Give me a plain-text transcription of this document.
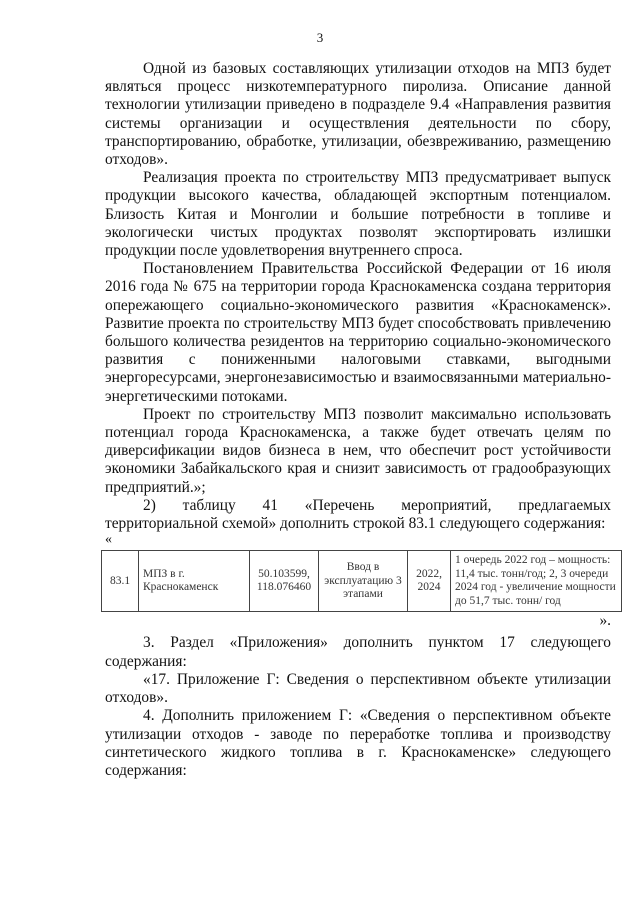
3

Одной из базовых составляющих утилизации отходов на МПЗ будет являться процесс низкотемпературного пиролиза. Описание данной технологии утилизации приведено в подразделе 9.4 «Направления развития системы организации и осуществления деятельности по сбору, транспортированию, обработке, утилизации, обезвреживанию, размещению отходов».

Реализация проекта по строительству МПЗ предусматривает выпуск продукции высокого качества, обладающей экспортным потенциалом. Близость Китая и Монголии и большие потребности в топливе и экологически чистых продуктах позволят экспортировать излишки продукции после удовлетворения внутреннего спроса.

Постановлением Правительства Российской Федерации от 16 июля 2016 года № 675 на территории города Краснокаменска создана территория опережающего социально-экономического развития «Краснокаменск». Развитие проекта по строительству МПЗ будет способствовать привлечению большого количества резидентов на территорию социально-экономического развития с пониженными налоговыми ставками, выгодными энергоресурсами, энергонезависимостью и взаимосвязанными материально-энергетическими потоками.

Проект по строительству МПЗ позволит максимально использовать потенциал города Краснокаменска, а также будет отвечать целям по диверсификации видов бизнеса в нем, что обеспечит рост устойчивости экономики Забайкальского края и снизит зависимость от градообразующих предприятий.»;

2) таблицу 41 «Перечень мероприятий, предлагаемых территориальной схемой» дополнить строкой 83.1 следующего содержания:

«

83.1	МПЗ в г. Краснокаменск	50.103599, 118.076460	Ввод в эксплуатацию 3 этапами	2022, 2024	1 очередь 2022 год – мощность: 11,4 тыс. тонн/год; 2, 3 очереди 2024 год - увеличение мощности до 51,7 тыс. тонн/ год

».

3. Раздел «Приложения» дополнить пунктом 17 следующего содержания:

«17. Приложение Г: Сведения о перспективном объекте утилизации отходов».

4. Дополнить приложением Г: «Сведения о перспективном объекте утилизации отходов - заводе по переработке топлива и производству синтетического жидкого топлива в г. Краснокаменске» следующего содержания:
